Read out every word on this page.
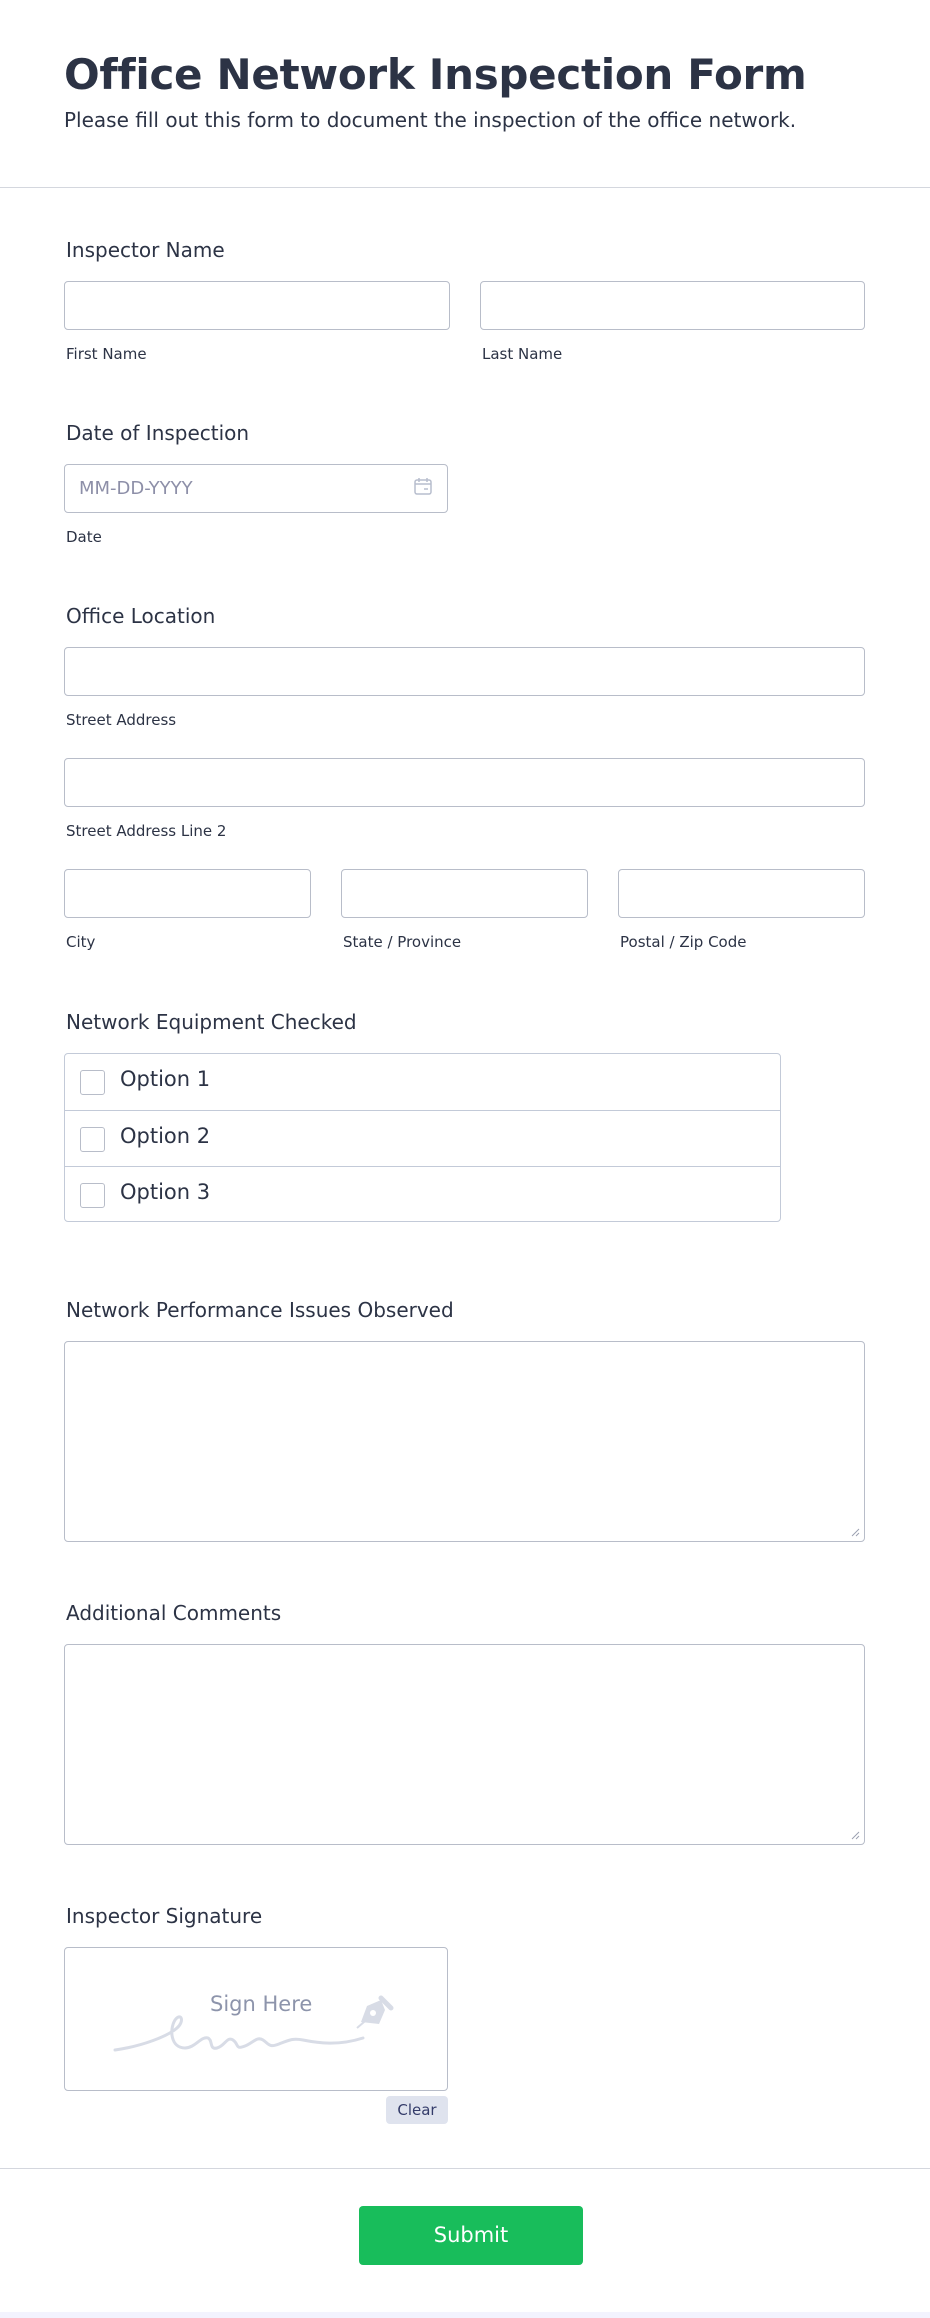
Office Network Inspection Form
Please fill out this form to document the inspection of the office network.
Inspector Name
First Name	Last Name
Date of Inspection
MM-DD-YYYY
Date
Office Location
Street Address
Street Address Line 2
City	State / Province	Postal / Zip Code
Network Equipment Checked
Option 1
Option 2
Option 3
Network Performance Issues Observed
Additional Comments
Inspector Signature
Sign Here
Clear
Submit
